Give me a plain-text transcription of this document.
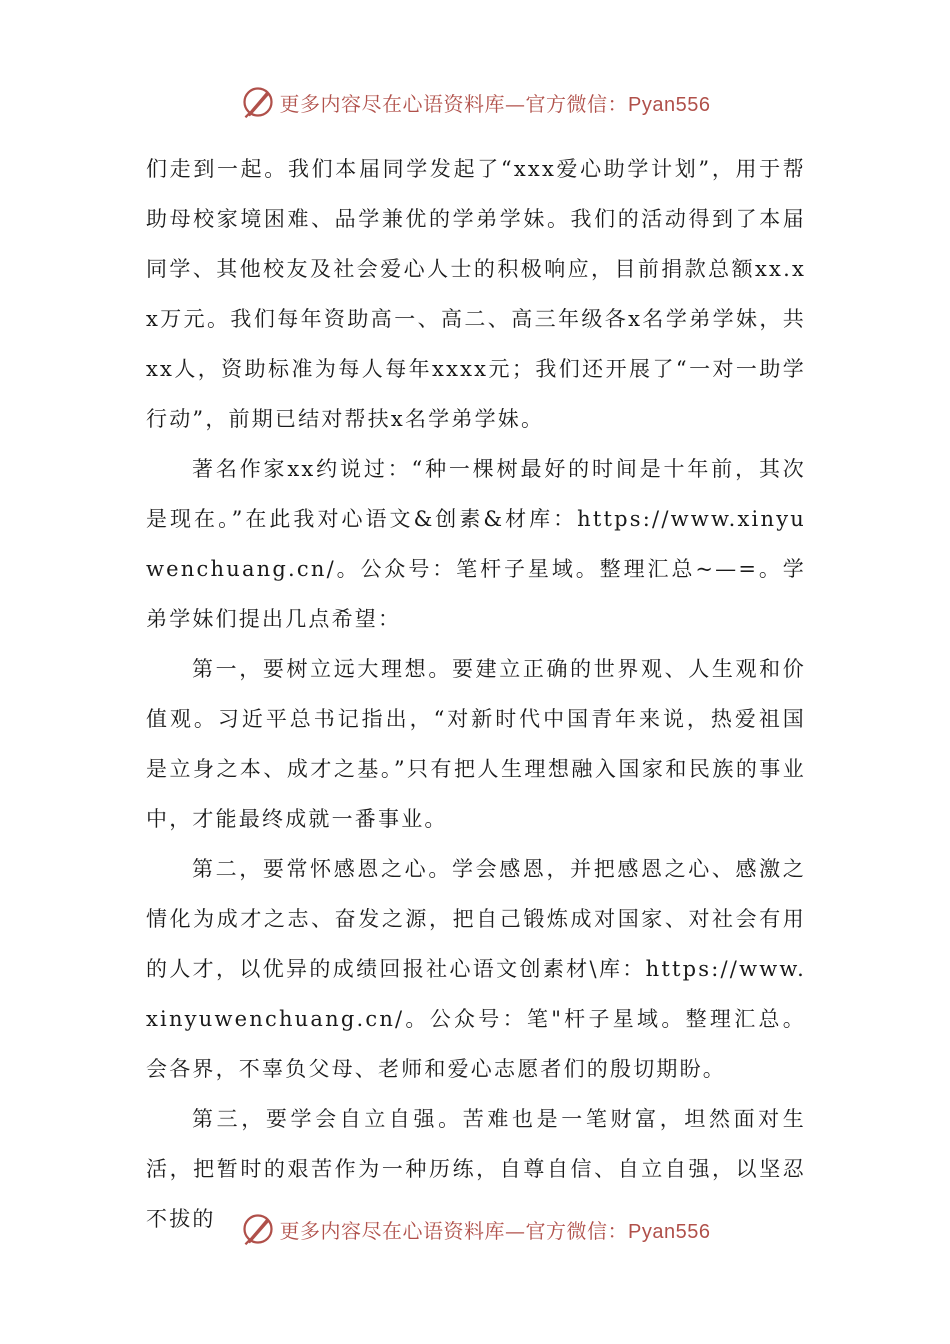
更多内容尽在心语资料库—官方微信：Pyan556

们走到一起。我们本届同学发起了“xxx爱心助学计划”，用于帮助母校家境困难、品学兼优的学弟学妹。我们的活动得到了本届同学、其他校友及社会爱心人士的积极响应，目前捐款总额xx.xx万元。我们每年资助高一、高二、高三年级各x名学弟学妹，共xx人，资助标准为每人每年xxxx元；我们还开展了“一对一助学行动”，前期已结对帮扶x名学弟学妹。

著名作家xx约说过：“种一棵树最好的时间是十年前，其次是现在。”在此我对心语文&创素&材库：https://www.xinyuwenchuang.cn/。公众号：笔杆子星域。整理汇总~—=。学弟学妹们提出几点希望：

第一，要树立远大理想。要建立正确的世界观、人生观和价值观。习近平总书记指出，“对新时代中国青年来说，热爱祖国是立身之本、成才之基。”只有把人生理想融入国家和民族的事业中，才能最终成就一番事业。

第二，要常怀感恩之心。学会感恩，并把感恩之心、感激之情化为成才之志、奋发之源，把自己锻炼成对国家、对社会有用的人才，以优异的成绩回报社心语文创素材\库：https://www.xinyuwenchuang.cn/。公众号：笔"杆子星域。整理汇总。会各界，不辜负父母、老师和爱心志愿者们的殷切期盼。

第三，要学会自立自强。苦难也是一笔财富，坦然面对生活，把暂时的艰苦作为一种历练，自尊自信、自立自强，以坚忍不拔的	更多内容尽在心语资料库—官方微信：Pyan556
